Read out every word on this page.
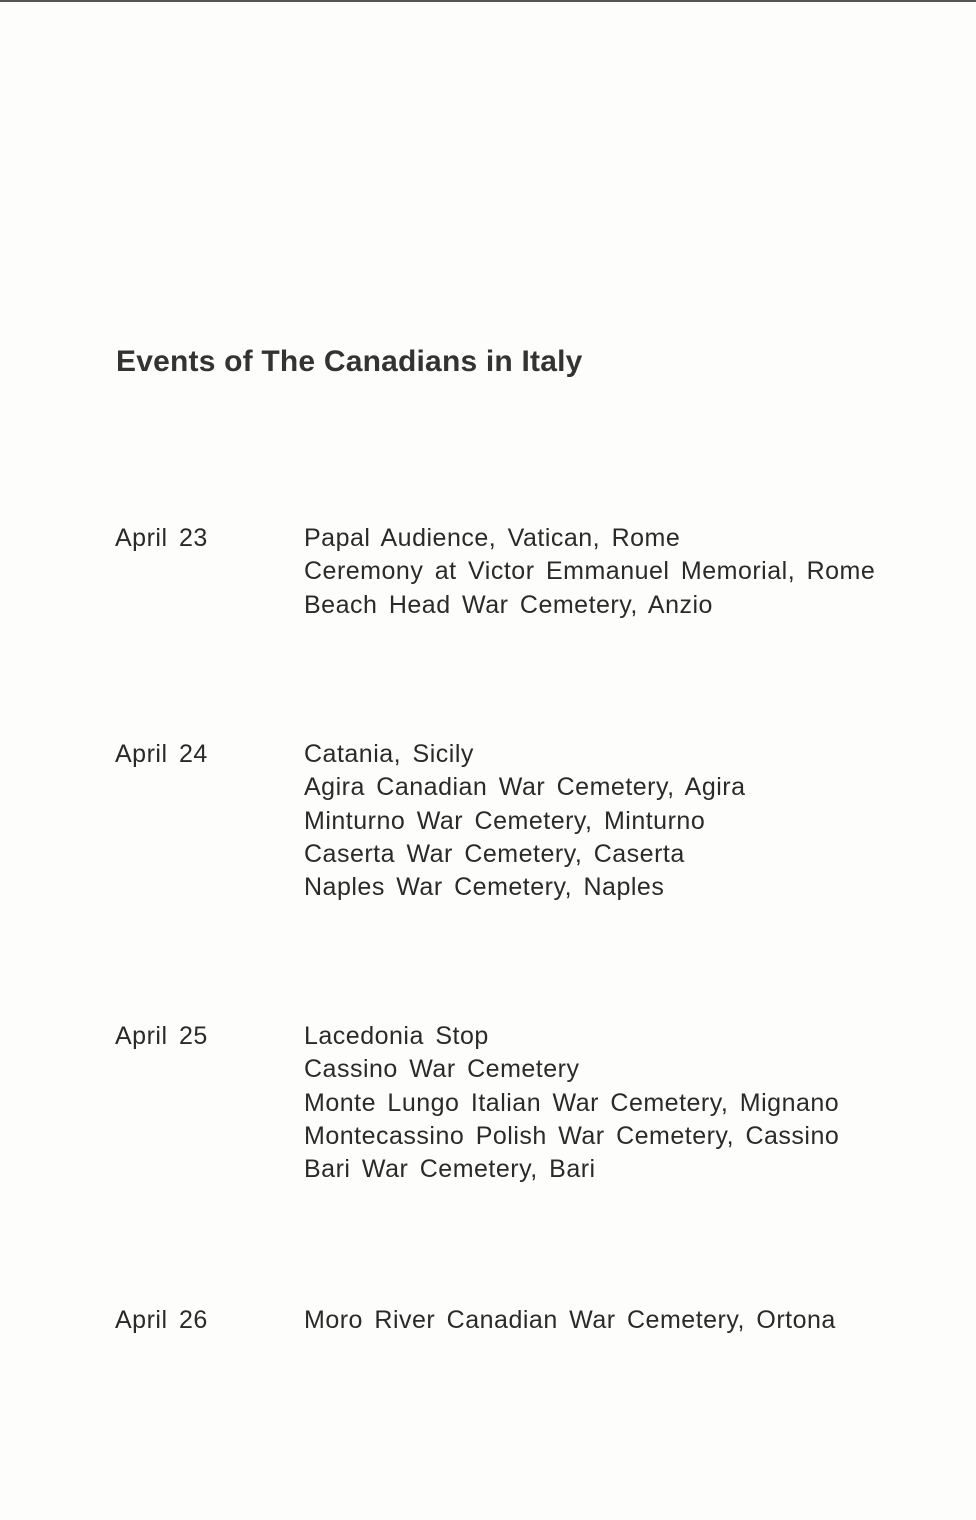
Events of The Canadians in Italy
April 23	Papal Audience, Vatican, Rome
Ceremony at Victor Emmanuel Memorial, Rome
Beach Head War Cemetery, Anzio
April 24	Catania, Sicily
Agira Canadian War Cemetery, Agira
Minturno War Cemetery, Minturno
Caserta War Cemetery, Caserta
Naples War Cemetery, Naples
April 25	Lacedonia Stop
Cassino War Cemetery
Monte Lungo Italian War Cemetery, Mignano
Montecassino Polish War Cemetery, Cassino
Bari War Cemetery, Bari
April 26	Moro River Canadian War Cemetery, Ortona
